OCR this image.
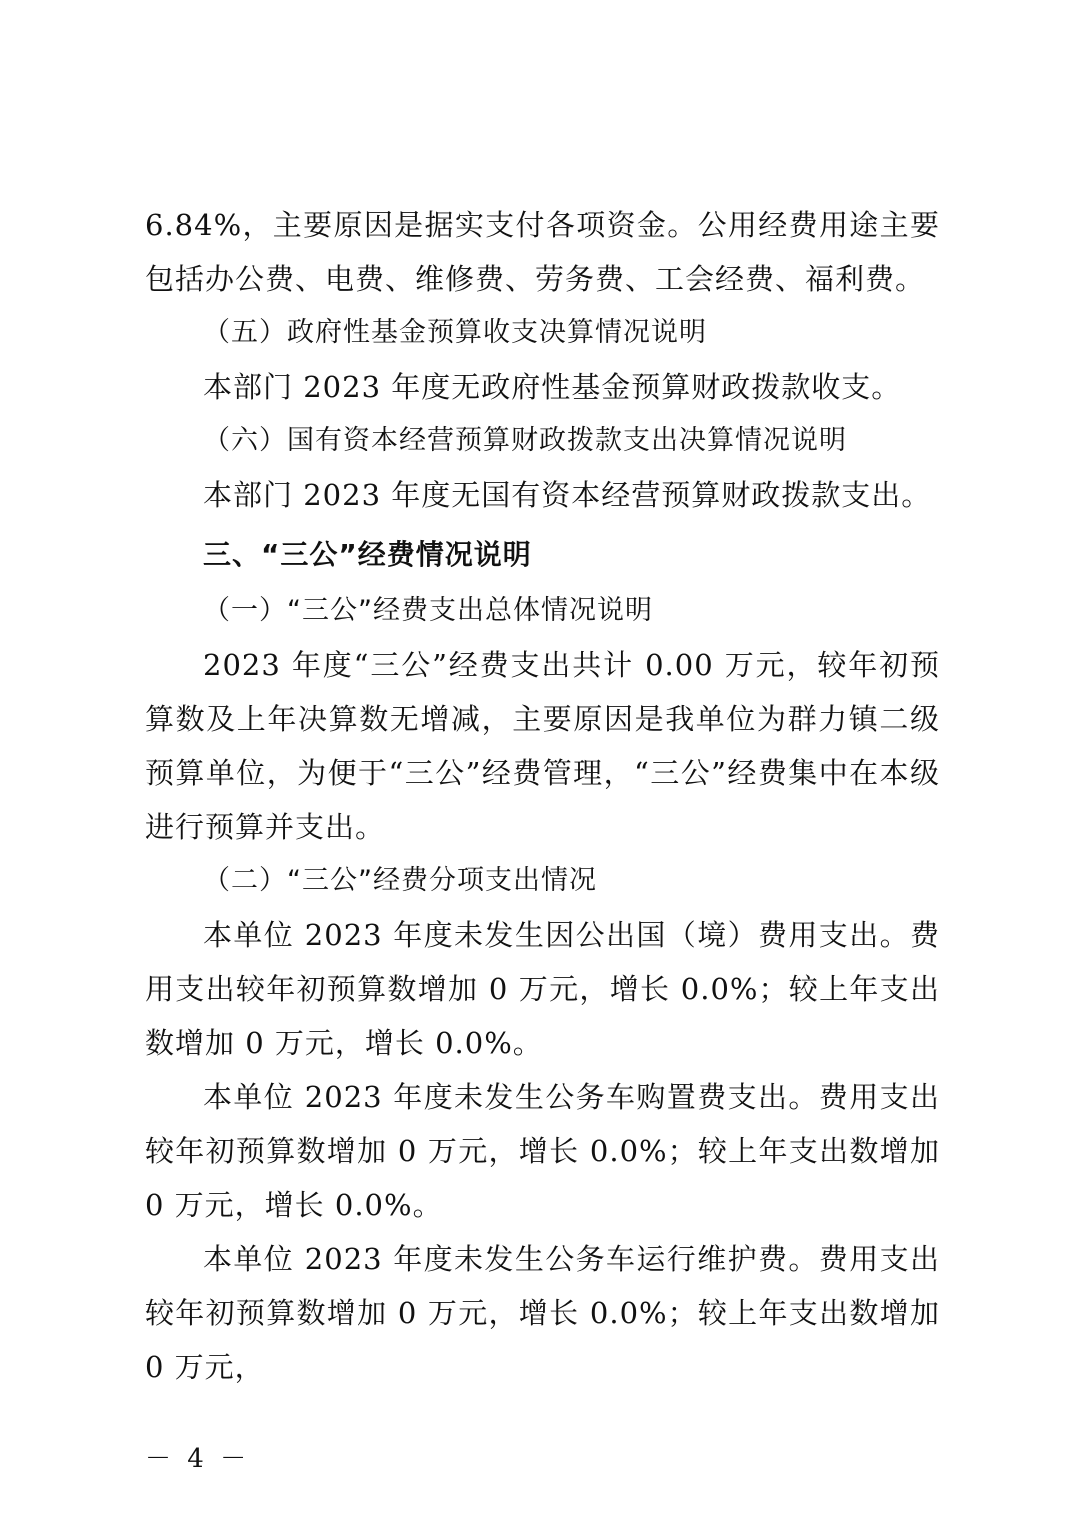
6.84%，主要原因是据实支付各项资金。公用经费用途主要包括办公费、电费、维修费、劳务费、工会经费、福利费。

（五）政府性基金预算收支决算情况说明

本部门 2023 年度无政府性基金预算财政拨款收支。

（六）国有资本经营预算财政拨款支出决算情况说明

本部门 2023 年度无国有资本经营预算财政拨款支出。

三、“三公”经费情况说明

（一）“三公”经费支出总体情况说明

2023 年度“三公”经费支出共计 0.00 万元，较年初预算数及上年决算数无增减，主要原因是我单位为群力镇二级预算单位，为便于“三公”经费管理，“三公”经费集中在本级进行预算并支出。

（二）“三公”经费分项支出情况

本单位 2023 年度未发生因公出国（境）费用支出。费用支出较年初预算数增加 0 万元，增长 0.0%；较上年支出数增加 0 万元，增长 0.0%。

本单位 2023 年度未发生公务车购置费支出。费用支出较年初预算数增加 0 万元，增长 0.0%；较上年支出数增加 0 万元，增长 0.0%。

本单位 2023 年度未发生公务车运行维护费。费用支出较年初预算数增加 0 万元，增长 0.0%；较上年支出数增加 0 万元，

－ 4 －
